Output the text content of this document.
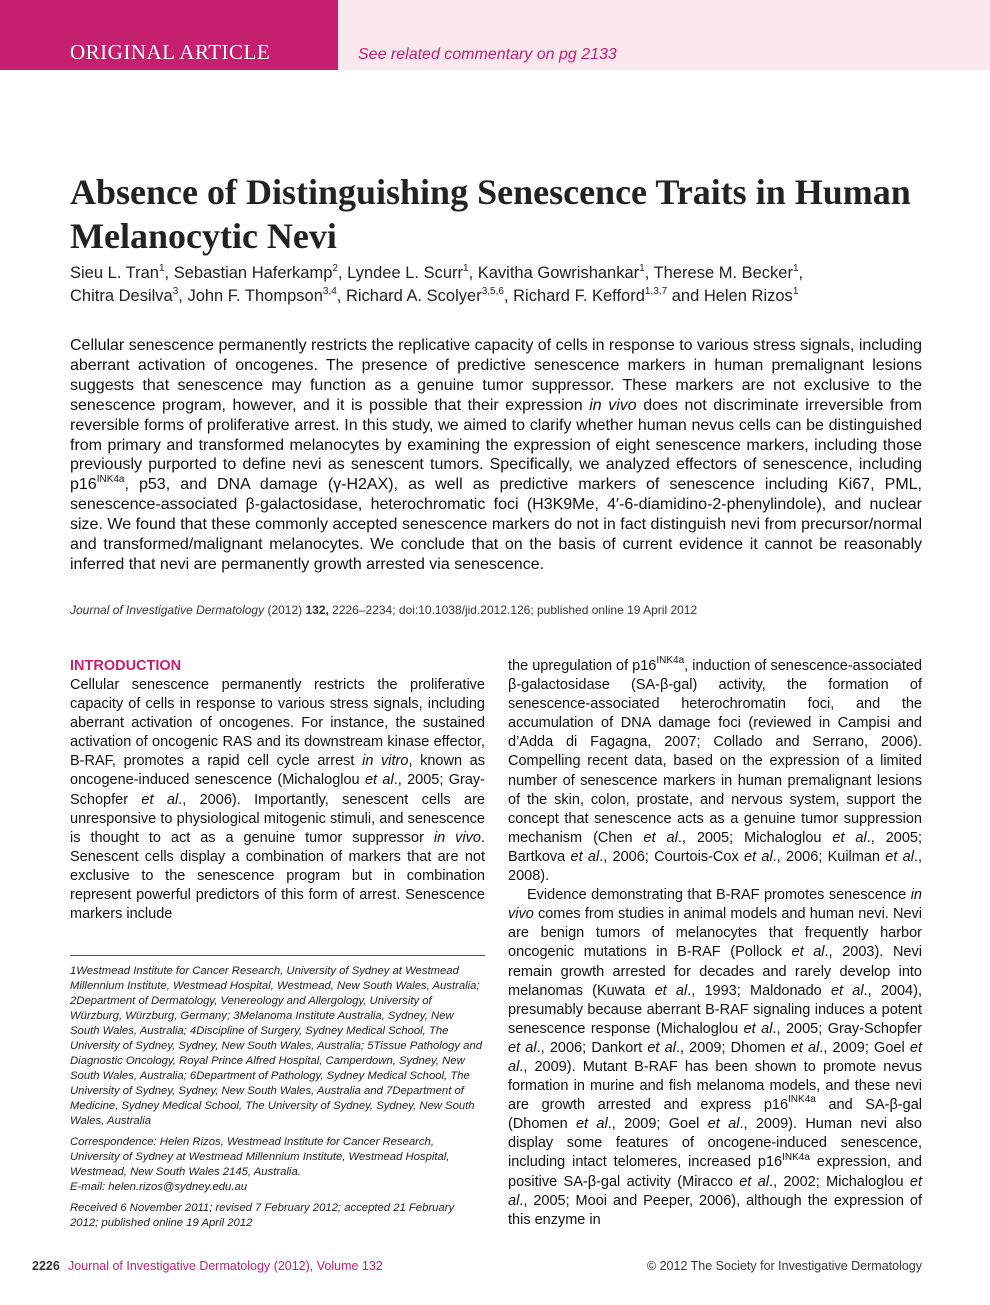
ORIGINAL ARTICLE	See related commentary on pg 2133
Absence of Distinguishing Senescence Traits in Human Melanocytic Nevi
Sieu L. Tran$^1$, Sebastian Haferkamp$^2$, Lyndee L. Scurr$^1$, Kavitha Gowrishankar$^1$, Therese M. Becker$^1$,
Chitra Desilva$^3$, John F. Thompson$^{3,4}$, Richard A. Scolyer$^{3,5,6}$, Richard F. Kefford$^{1,3,7}$ and Helen Rizos$^1$

Cellular senescence permanently restricts the replicative capacity of cells in response to various stress signals, including aberrant activation of oncogenes. The presence of predictive senescence markers in human premalignant lesions suggests that senescence may function as a genuine tumor suppressor. These markers are not exclusive to the senescence program, however, and it is possible that their expression in vivo does not discriminate irreversible from reversible forms of proliferative arrest. In this study, we aimed to clarify whether human nevus cells can be distinguished from primary and transformed melanocytes by examining the expression of eight senescence markers, including those previously purported to define nevi as senescent tumors. Specifically, we analyzed effectors of senescence, including $p16^{INK4a}$, p53, and DNA damage (γ-H2AX), as well as predictive markers of senescence including Ki67, PML, senescence-associated β-galactosidase, heterochromatic foci (H3K9Me, 4′-6-diamidino-2-phenylindole), and nuclear size. We found that these commonly accepted senescence markers do not in fact distinguish nevi from precursor/normal and transformed/malignant melanocytes. We conclude that on the basis of current evidence it cannot be reasonably inferred that nevi are permanently growth arrested via senescence.

Journal of Investigative Dermatology (2012) 132, 2226–2234; doi:10.1038/jid.2012.126; published online 19 April 2012
INTRODUCTION

Cellular senescence permanently restricts the proliferative capacity of cells in response to various stress signals, including aberrant activation of oncogenes. For instance, the sustained activation of oncogenic RAS and its downstream kinase effector, B-RAF, promotes a rapid cell cycle arrest in vitro, known as oncogene-induced senescence (Michaloglou et al., 2005; Gray-Schopfer et al., 2006). Importantly, senescent cells are unresponsive to physiological mitogenic stimuli, and senescence is thought to act as a genuine tumor suppressor in vivo. Senescent cells display a combination of markers that are not exclusive to the senescence program but in combination represent powerful predictors of this form of arrest. Senescence markers include

1Westmead Institute for Cancer Research, University of Sydney at Westmead Millennium Institute, Westmead Hospital, Westmead, New South Wales, Australia; 2Department of Dermatology, Venereology and Allergology, University of Würzburg, Würzburg, Germany; 3Melanoma Institute Australia, Sydney, New South Wales, Australia; 4Discipline of Surgery, Sydney Medical School, The University of Sydney, Sydney, New South Wales, Australia; 5Tissue Pathology and Diagnostic Oncology, Royal Prince Alfred Hospital, Camperdown, Sydney, New South Wales, Australia; 6Department of Pathology, Sydney Medical School, The University of Sydney, Sydney, New South Wales, Australia and 7Department of Medicine, Sydney Medical School, The University of Sydney, Sydney, New South Wales, Australia

Correspondence: Helen Rizos, Westmead Institute for Cancer Research, University of Sydney at Westmead Millennium Institute, Westmead Hospital, Westmead, New South Wales 2145, Australia.
E-mail: helen.rizos@sydney.edu.au

Received 6 November 2011; revised 7 February 2012; accepted 21 February 2012; published online 19 April 2012

the upregulation of $p16^{INK4a}$, induction of senescence-associated β-galactosidase (SA-β-gal) activity, the formation of senescence-associated heterochromatin foci, and the accumulation of DNA damage foci (reviewed in Campisi and d’Adda di Fagagna, 2007; Collado and Serrano, 2006). Compelling recent data, based on the expression of a limited number of senescence markers in human premalignant lesions of the skin, colon, prostate, and nervous system, support the concept that senescence acts as a genuine tumor suppression mechanism (Chen et al., 2005; Michaloglou et al., 2005; Bartkova et al., 2006; Courtois-Cox et al., 2006; Kuilman et al., 2008).

Evidence demonstrating that B-RAF promotes senescence in vivo comes from studies in animal models and human nevi. Nevi are benign tumors of melanocytes that frequently harbor oncogenic mutations in B-RAF (Pollock et al., 2003). Nevi remain growth arrested for decades and rarely develop into melanomas (Kuwata et al., 1993; Maldonado et al., 2004), presumably because aberrant B-RAF signaling induces a potent senescence response (Michaloglou et al., 2005; Gray-Schopfer et al., 2006; Dankort et al., 2009; Dhomen et al., 2009; Goel et al., 2009). Mutant B-RAF has been shown to promote nevus formation in murine and fish melanoma models, and these nevi are growth arrested and express $p16^{INK4a}$ and SA-β-gal (Dhomen et al., 2009; Goel et al., 2009). Human nevi also display some features of oncogene-induced senescence, including intact telomeres, increased $p16^{INK4a}$ expression, and positive SA-β-gal activity (Miracco et al., 2002; Michaloglou et al., 2005; Mooi and Peeper, 2006), although the expression of this enzyme in

2226 Journal of Investigative Dermatology (2012), Volume 132	© 2012 The Society for Investigative Dermatology
